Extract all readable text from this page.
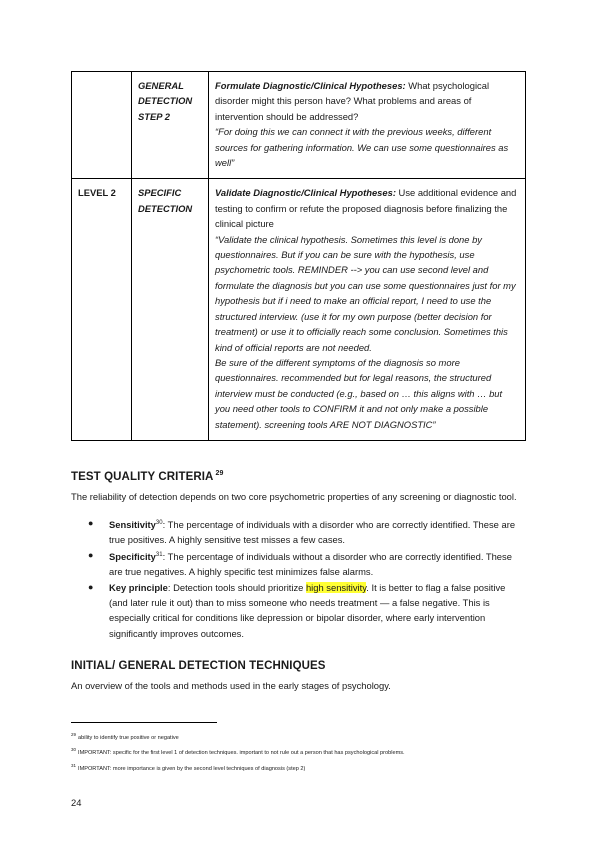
	GENERAL DETECTION STEP 2	Formulate Diagnostic/Clinical Hypotheses: What psychological disorder might this person have? What problems and areas of intervention should be addressed?
“For doing this we can connect it with the previous weeks, different sources for gathering information. We can use some questionnaires as well”
LEVEL 2	SPECIFIC DETECTION	Validate Diagnostic/Clinical Hypotheses: Use additional evidence and testing to confirm or refute the proposed diagnosis before finalizing the clinical picture
“Validate the clinical hypothesis. Sometimes this level is done by questionnaires. But if you can be sure with the hypothesis, use psychometric tools. REMINDER --> you can use second level and formulate the diagnosis but you can use some questionnaires just for my hypothesis but if i need to make an official report, I need to use the structured interview. (use it for my own purpose (better decision for treatment) or use it to officially reach some conclusion. Sometimes this kind of official reports are not needed.
Be sure of the different symptoms of the diagnosis so more questionnaires. recommended but for legal reasons, the structured interview must be conducted (e.g., based on … this aligns with … but you need other tools to CONFIRM it and not only make a possible statement). screening tools ARE NOT DIAGNOSTIC”
TEST QUALITY CRITERIA $^{29}$

The reliability of detection depends on two core psychometric properties of any screening or diagnostic tool.

● Sensitivity$^{30}$: The percentage of individuals with a disorder who are correctly identified. These are true positives. A highly sensitive test misses a few cases.
● Specificity$^{31}$: The percentage of individuals without a disorder who are correctly identified. These are true negatives. A highly specific test minimizes false alarms.
● Key principle: Detection tools should prioritize high sensitivity. It is better to flag a false positive (and later rule it out) than to miss someone who needs treatment — a false negative. This is especially critical for conditions like depression or bipolar disorder, where early intervention significantly improves outcomes.
INITIAL/ GENERAL DETECTION TECHNIQUES

An overview of the tools and methods used in the early stages of psychology.

$^{29}$ability to identify true positive or negative
$^{30}$IMPORTANT: specific for the first level 1 of detection techniques. important to not rule out a person that has psychological problems.
$^{31}$IMPORTANT: more importance is given by the second level techniques of diagnosis (step 2)
24
